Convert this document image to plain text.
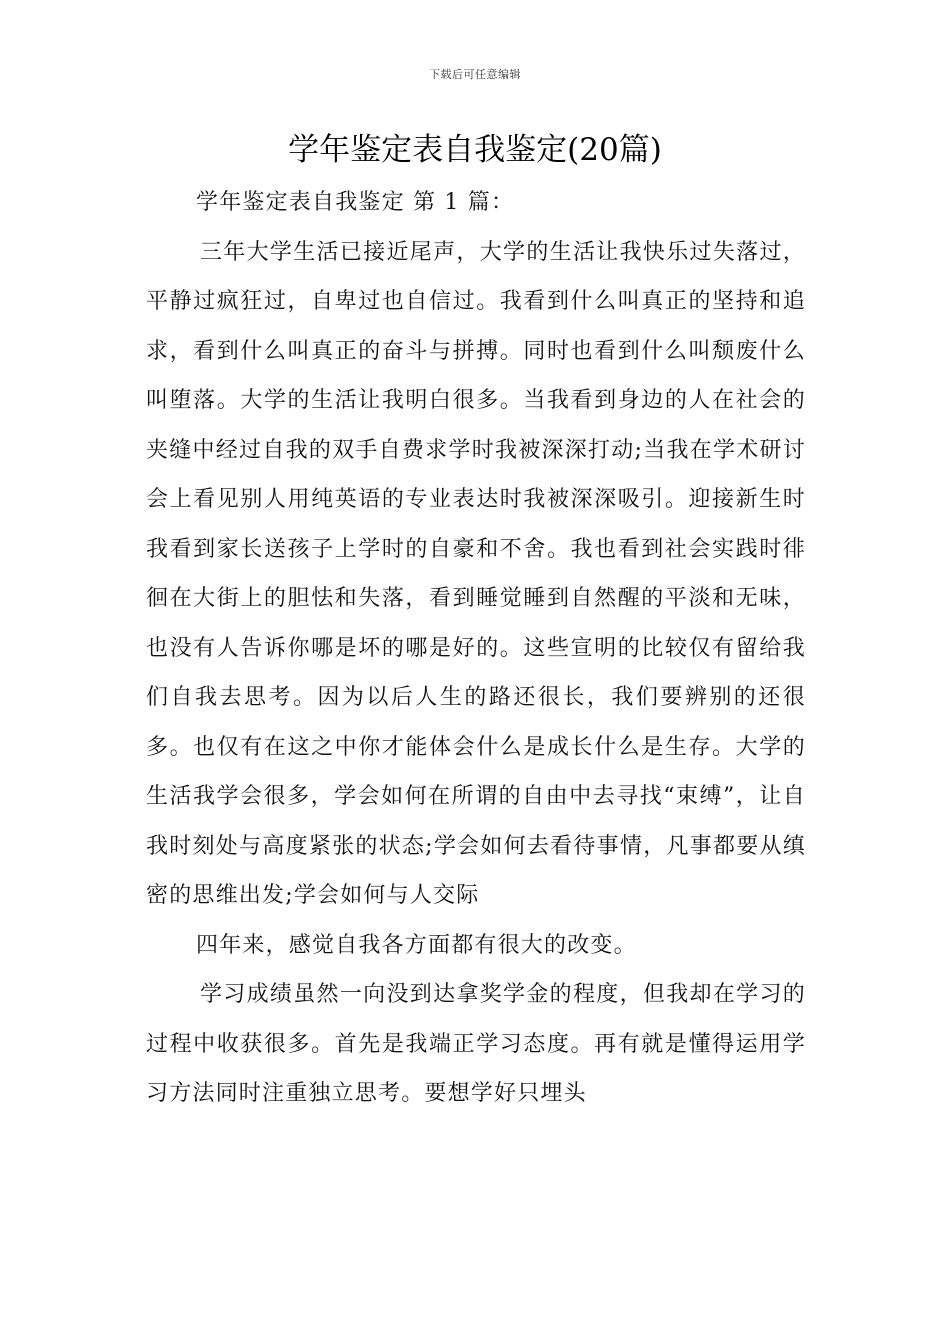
下载后可任意编辑
学年鉴定表自我鉴定(20篇)

学年鉴定表自我鉴定 第 1 篇：

三年大学生活已接近尾声，大学的生活让我快乐过失落过，平静过疯狂过，自卑过也自信过。我看到什么叫真正的坚持和追求，看到什么叫真正的奋斗与拼搏。同时也看到什么叫颓废什么叫堕落。大学的生活让我明白很多。当我看到身边的人在社会的夹缝中经过自我的双手自费求学时我被深深打动;当我在学术研讨会上看见别人用纯英语的专业表达时我被深深吸引。迎接新生时我看到家长送孩子上学时的自豪和不舍。我也看到社会实践时徘徊在大街上的胆怯和失落，看到睡觉睡到自然醒的平淡和无味，也没有人告诉你哪是坏的哪是好的。这些宣明的比较仅有留给我们自我去思考。因为以后人生的路还很长，我们要辨别的还很多。也仅有在这之中你才能体会什么是成长什么是生存。大学的生活我学会很多，学会如何在所谓的自由中去寻找“束缚”，让自我时刻处与高度紧张的状态;学会如何去看待事情，凡事都要从缜密的思维出发;学会如何与人交际

四年来，感觉自我各方面都有很大的改变。

学习成绩虽然一向没到达拿奖学金的程度，但我却在学习的过程中收获很多。首先是我端正学习态度。再有就是懂得运用学习方法同时注重独立思考。要想学好只埋头
